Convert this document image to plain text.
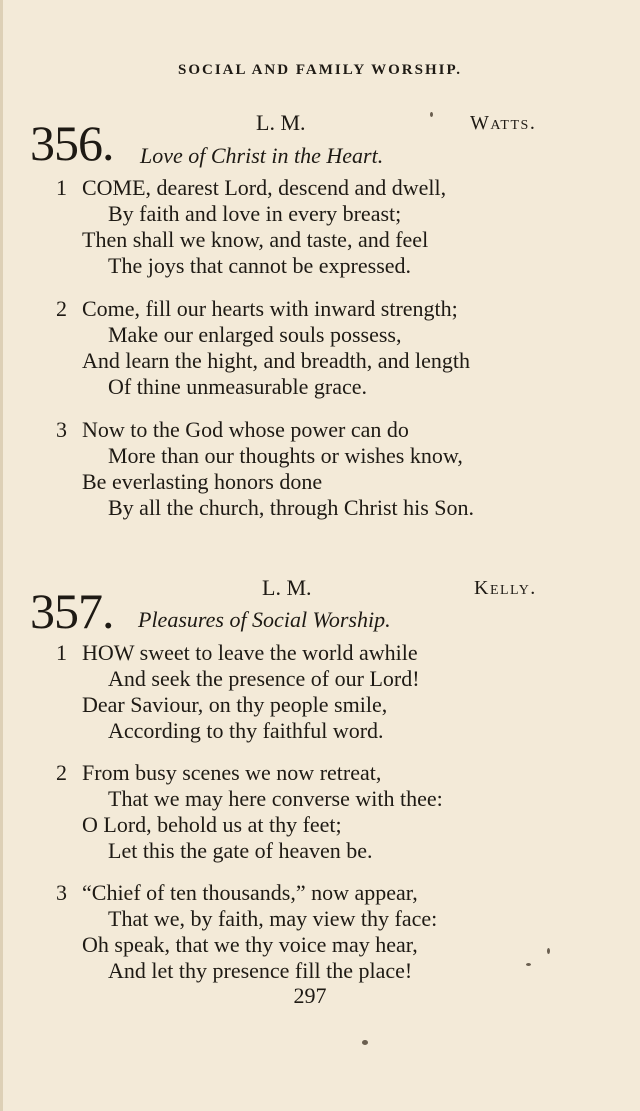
SOCIAL AND FAMILY WORSHIP.
356.	L. M.	Watts.
Love of Christ in the Heart.
1 COME, dearest Lord, descend and dwell,
By faith and love in every breast;
Then shall we know, and taste, and feel
The joys that cannot be expressed.
2 Come, fill our hearts with inward strength;
Make our enlarged souls possess,
And learn the hight, and breadth, and length
Of thine unmeasurable grace.
3 Now to the God whose power can do
More than our thoughts or wishes know,
Be everlasting honors done
By all the church, through Christ his Son.
357.	L. M.	Kelly.
Pleasures of Social Worship.
1 HOW sweet to leave the world awhile
And seek the presence of our Lord!
Dear Saviour, on thy people smile,
According to thy faithful word.
2 From busy scenes we now retreat,
That we may here converse with thee:
O Lord, behold us at thy feet;
Let this the gate of heaven be.
3 “Chief of ten thousands,” now appear,
That we, by faith, may view thy face:
Oh speak, that we thy voice may hear,
And let thy presence fill the place!
297
